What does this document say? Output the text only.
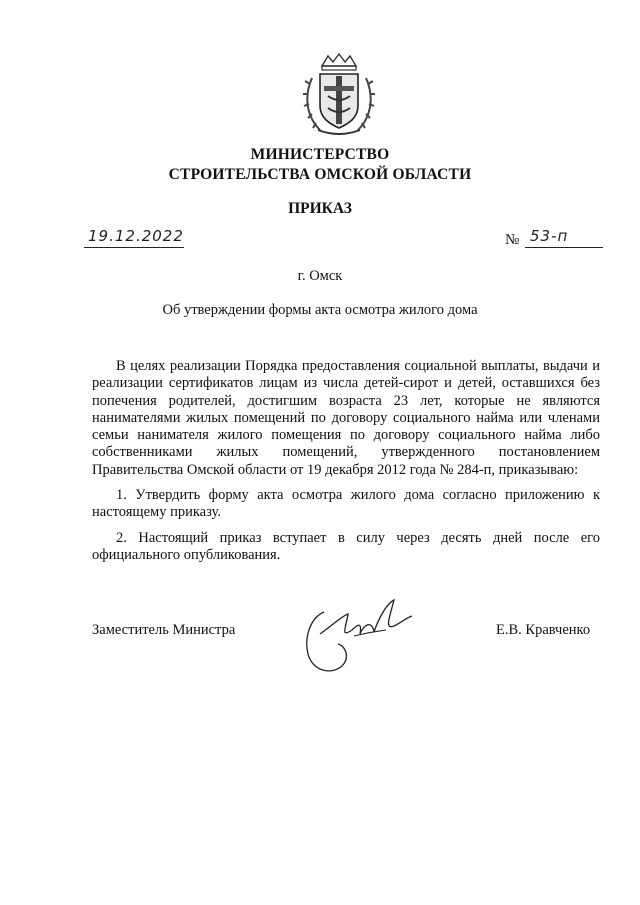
МИНИСТЕРСТВО
СТРОИТЕЛЬСТВА ОМСКОЙ ОБЛАСТИ
ПРИКАЗ
19.12.2022	№ 53-п
г. Омск
Об утверждении формы акта осмотра жилого дома

В целях реализации Порядка предоставления социальной выплаты, выдачи и реализации сертификатов лицам из числа детей-сирот и детей, оставшихся без попечения родителей, достигшим возраста 23 лет, которые не являются нанимателями жилых помещений по договору социального найма или членами семьи нанимателя жилого помещения по договору социального найма либо собственниками жилых помещений, утвержденного постановлением Правительства Омской области от 19 декабря 2012 года № 284-п, приказываю:

1. Утвердить форму акта осмотра жилого дома согласно приложению к настоящему приказу.

2. Настоящий приказ вступает в силу через десять дней после его официального опубликования.

Заместитель Министра	Е.В. Кравченко
